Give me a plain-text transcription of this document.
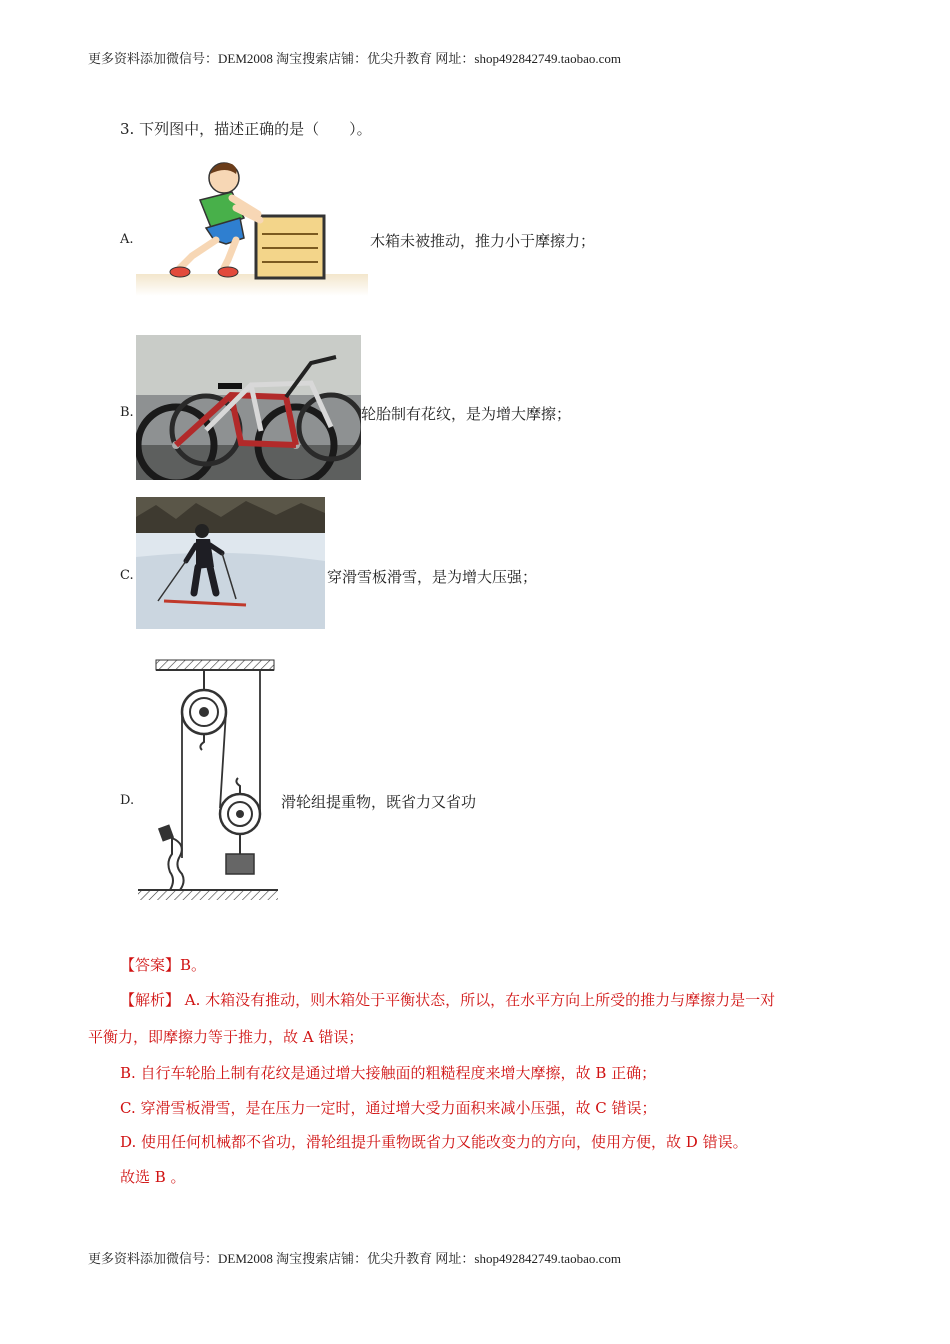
更多资料添加微信号：DEM2008 淘宝搜索店铺：优尖升教育 网址：shop492842749.taobao.com
3. 下列图中，描述正确的是（　　）。
A.	木箱未被推动，推力小于摩擦力；
B.	轮胎制有花纹，是为增大摩擦；
C.	穿滑雪板滑雪，是为增大压强；
D.	滑轮组提重物，既省力又省功
【答案】B。
【解析】 A. 木箱没有推动，则木箱处于平衡状态，所以，在水平方向上所受的推力与摩擦力是一对
平衡力，即摩擦力等于推力，故 A 错误；
B. 自行车轮胎上制有花纹是通过增大接触面的粗糙程度来增大摩擦，故 B 正确；
C. 穿滑雪板滑雪，是在压力一定时，通过增大受力面积来减小压强，故 C 错误；
D. 使用任何机械都不省功，滑轮组提升重物既省力又能改变力的方向，使用方便，故 D 错误。
故选 B 。
更多资料添加微信号：DEM2008 淘宝搜索店铺：优尖升教育 网址：shop492842749.taobao.com
